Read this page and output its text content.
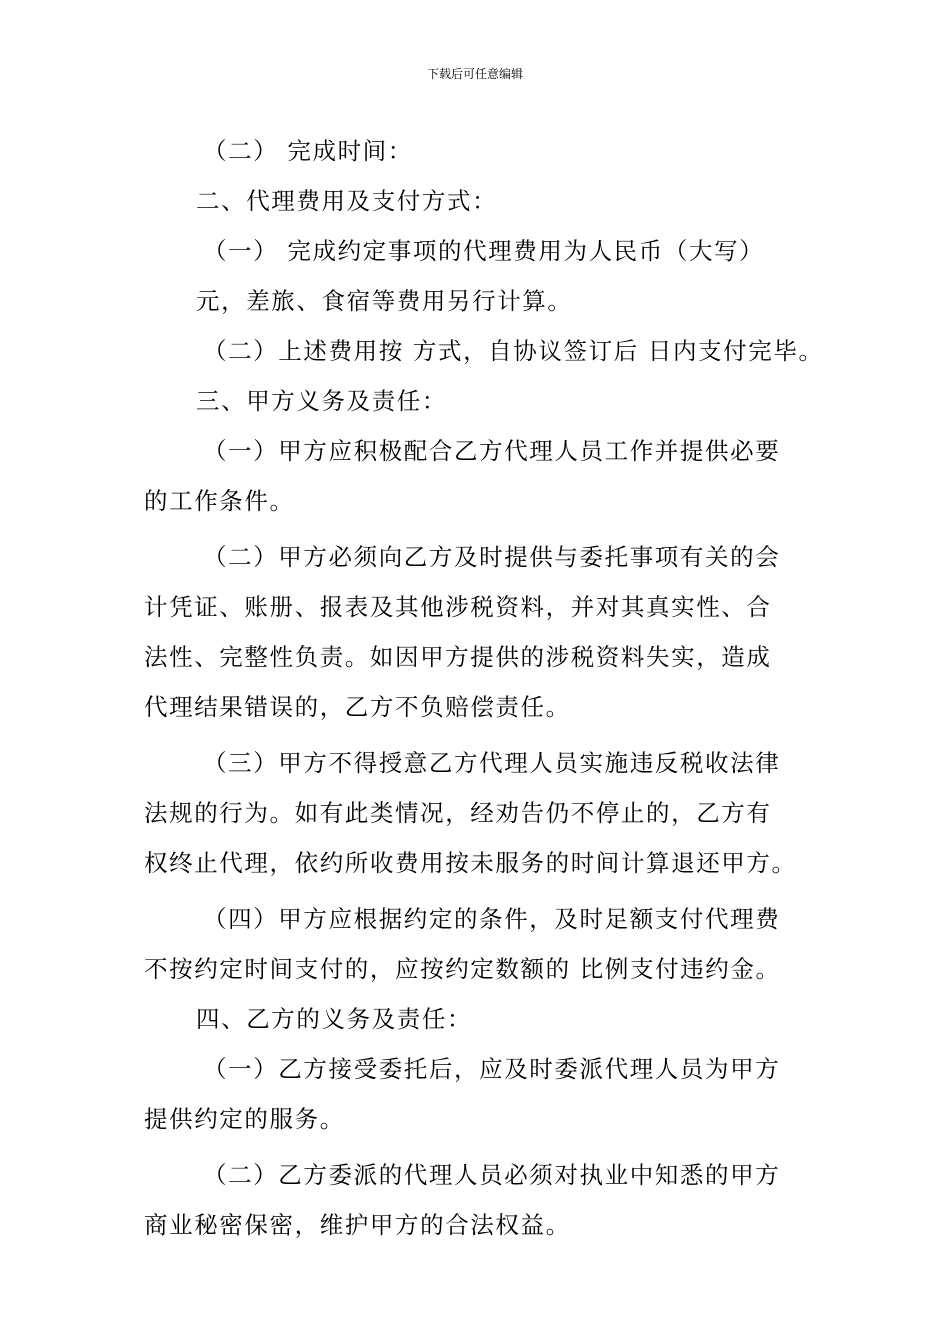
下载后可任意编辑
（二） 完成时间：
二、代理费用及支付方式：
（一） 完成约定事项的代理费用为人民币（大写）
元，差旅、食宿等费用另行计算。
（二）上述费用按 方式，自协议签订后 日内支付完毕。
三、甲方义务及责任：
（一）甲方应积极配合乙方代理人员工作并提供必要
的工作条件。
（二）甲方必须向乙方及时提供与委托事项有关的会
计凭证、账册、报表及其他涉税资料，并对其真实性、合
法性、完整性负责。如因甲方提供的涉税资料失实，造成
代理结果错误的，乙方不负赔偿责任。
（三）甲方不得授意乙方代理人员实施违反税收法律
法规的行为。如有此类情况，经劝告仍不停止的，乙方有
权终止代理，依约所收费用按未服务的时间计算退还甲方。
（四）甲方应根据约定的条件，及时足额支付代理费
不按约定时间支付的，应按约定数额的 比例支付违约金。
四、乙方的义务及责任：
（一）乙方接受委托后，应及时委派代理人员为甲方
提供约定的服务。
（二）乙方委派的代理人员必须对执业中知悉的甲方
商业秘密保密，维护甲方的合法权益。
